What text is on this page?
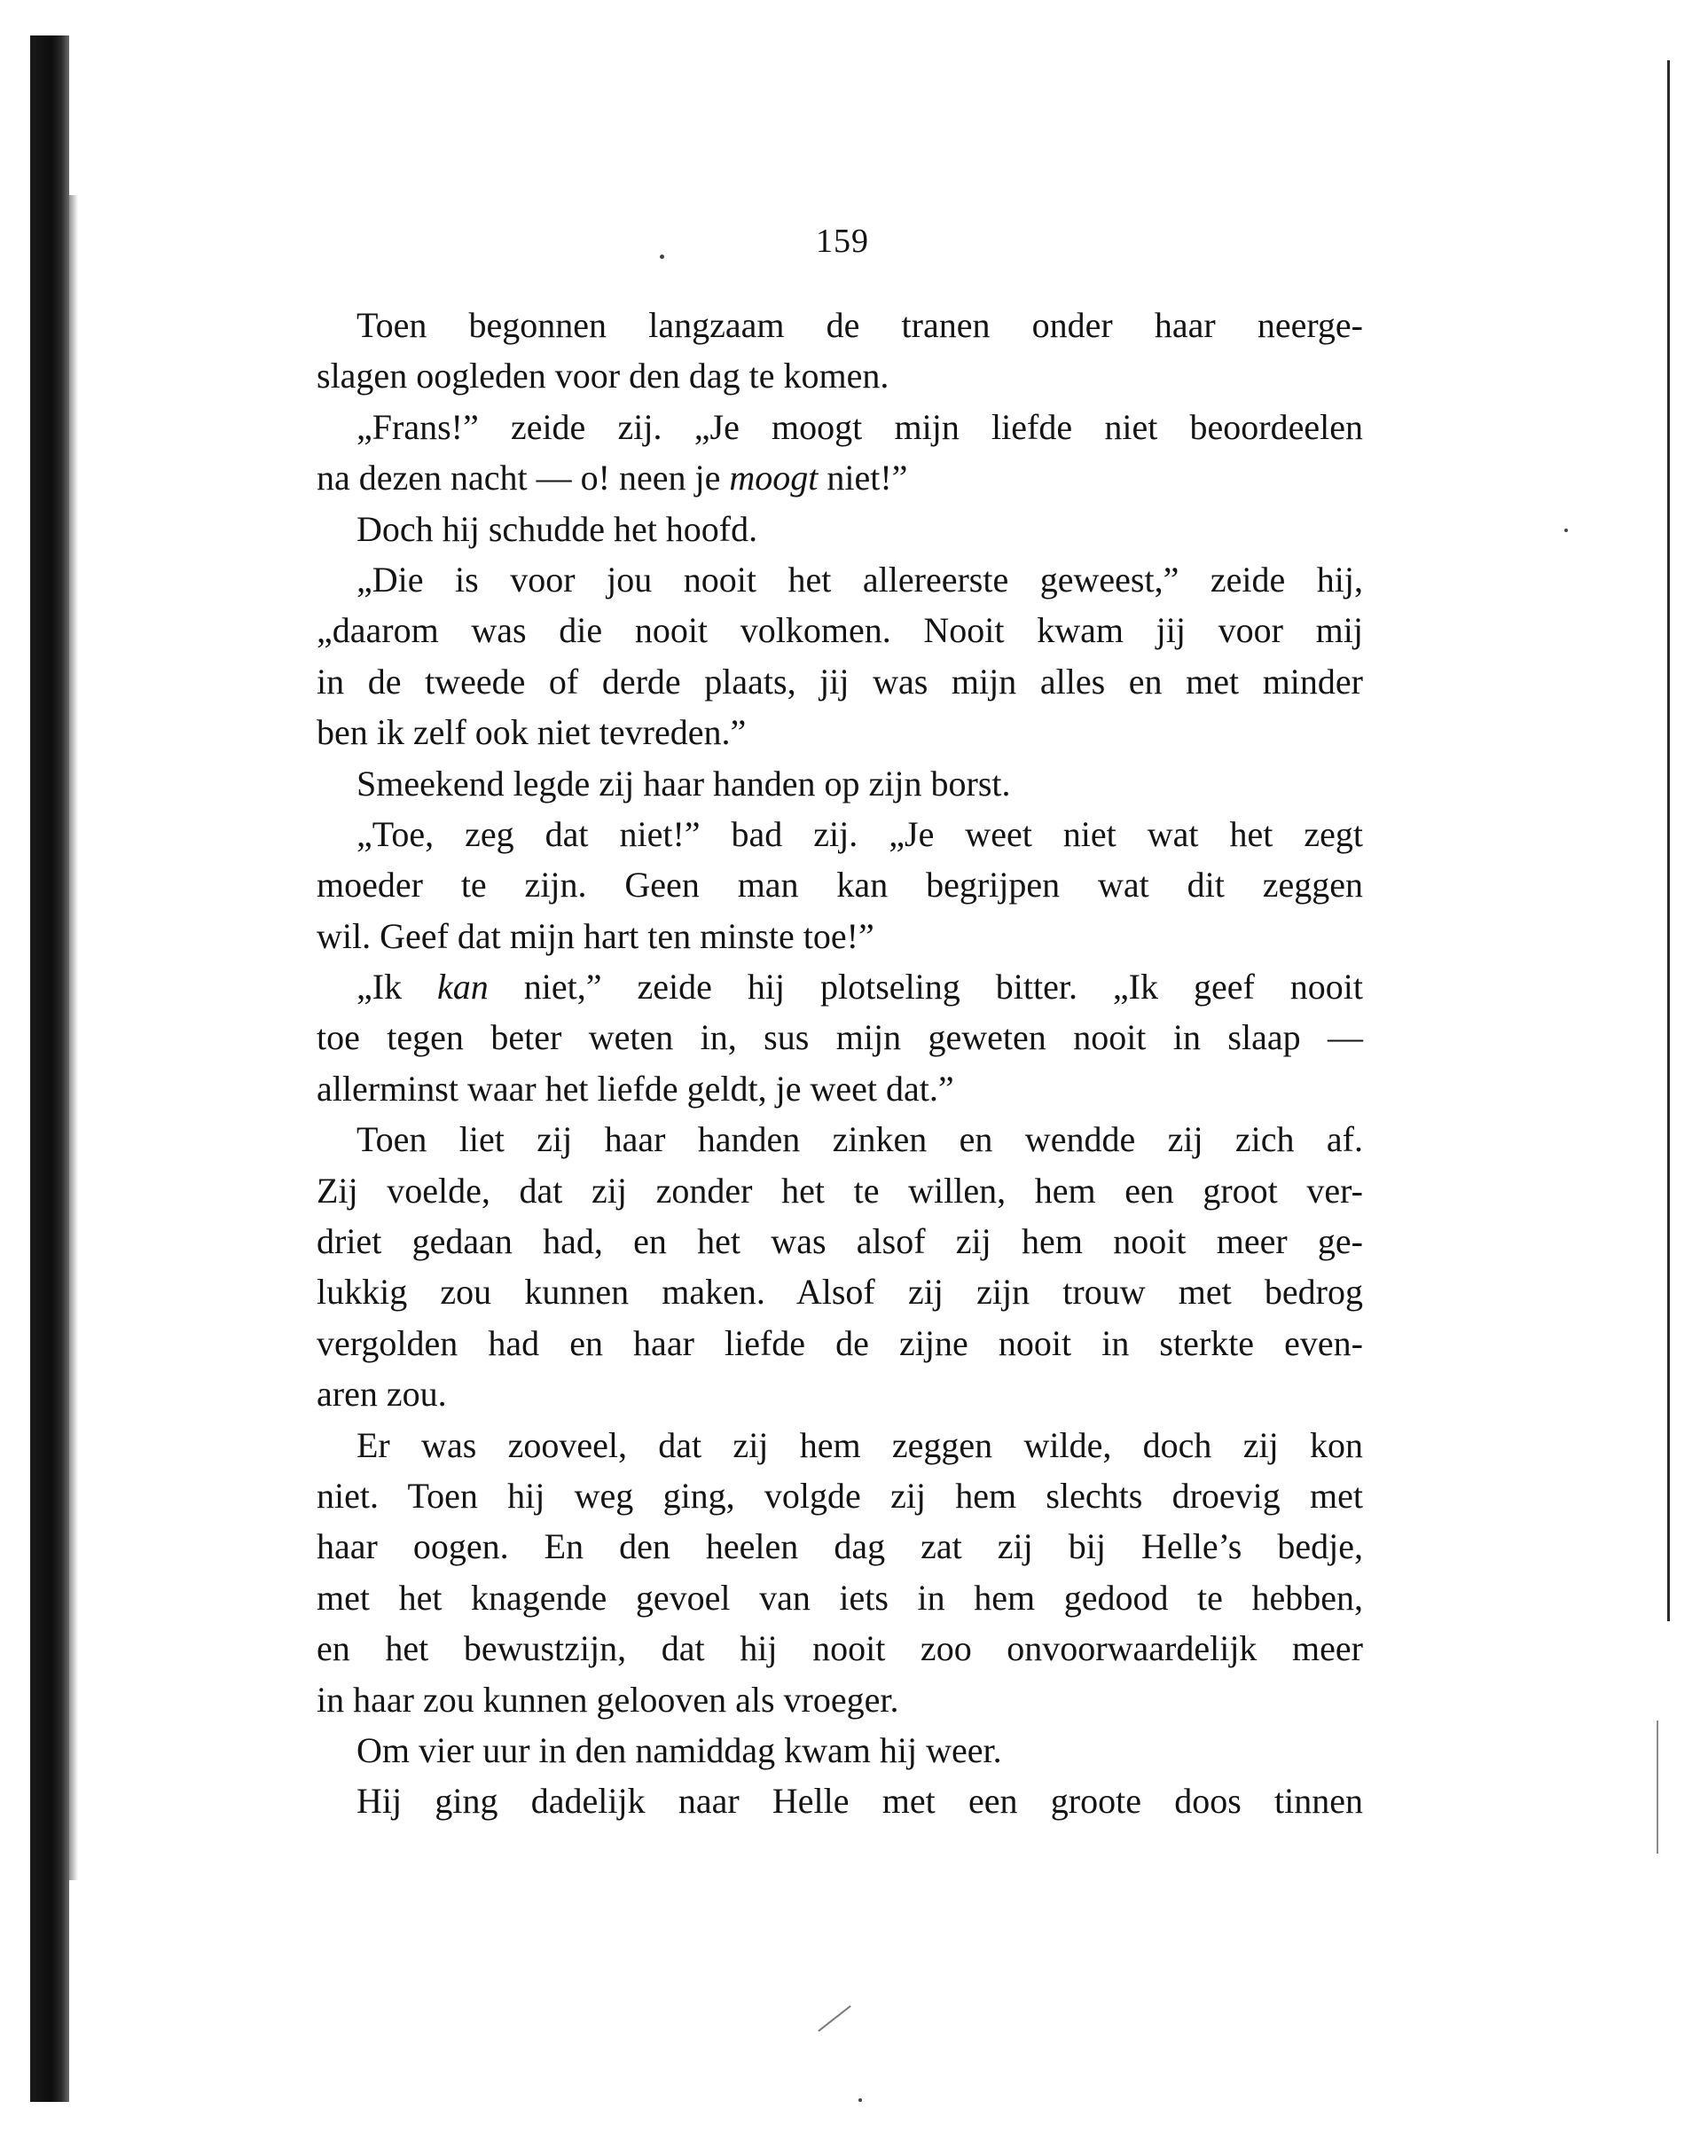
159
Toen begonnen langzaam de tranen onder haar neerge-
slagen oogleden voor den dag te komen.
„Frans!” zeide zij. „Je moogt mijn liefde niet beoordeelen
na dezen nacht — o! neen je moogt niet!”
Doch hij schudde het hoofd.
„Die is voor jou nooit het allereerste geweest,” zeide hij,
„daarom was die nooit volkomen. Nooit kwam jij voor mij
in de tweede of derde plaats, jij was mijn alles en met minder
ben ik zelf ook niet tevreden.”
Smeekend legde zij haar handen op zijn borst.
„Toe, zeg dat niet!” bad zij. „Je weet niet wat het zegt
moeder te zijn. Geen man kan begrijpen wat dit zeggen
wil. Geef dat mijn hart ten minste toe!”
„Ik kan niet,” zeide hij plotseling bitter. „Ik geef nooit
toe tegen beter weten in, sus mijn geweten nooit in slaap —
allerminst waar het liefde geldt, je weet dat.”
Toen liet zij haar handen zinken en wendde zij zich af.
Zij voelde, dat zij zonder het te willen, hem een groot ver-
driet gedaan had, en het was alsof zij hem nooit meer ge-
lukkig zou kunnen maken. Alsof zij zijn trouw met bedrog
vergolden had en haar liefde de zijne nooit in sterkte even-
aren zou.
Er was zooveel, dat zij hem zeggen wilde, doch zij kon
niet. Toen hij weg ging, volgde zij hem slechts droevig met
haar oogen. En den heelen dag zat zij bij Helle’s bedje,
met het knagende gevoel van iets in hem gedood te hebben,
en het bewustzijn, dat hij nooit zoo onvoorwaardelijk meer
in haar zou kunnen gelooven als vroeger.
Om vier uur in den namiddag kwam hij weer.
Hij ging dadelijk naar Helle met een groote doos tinnen
